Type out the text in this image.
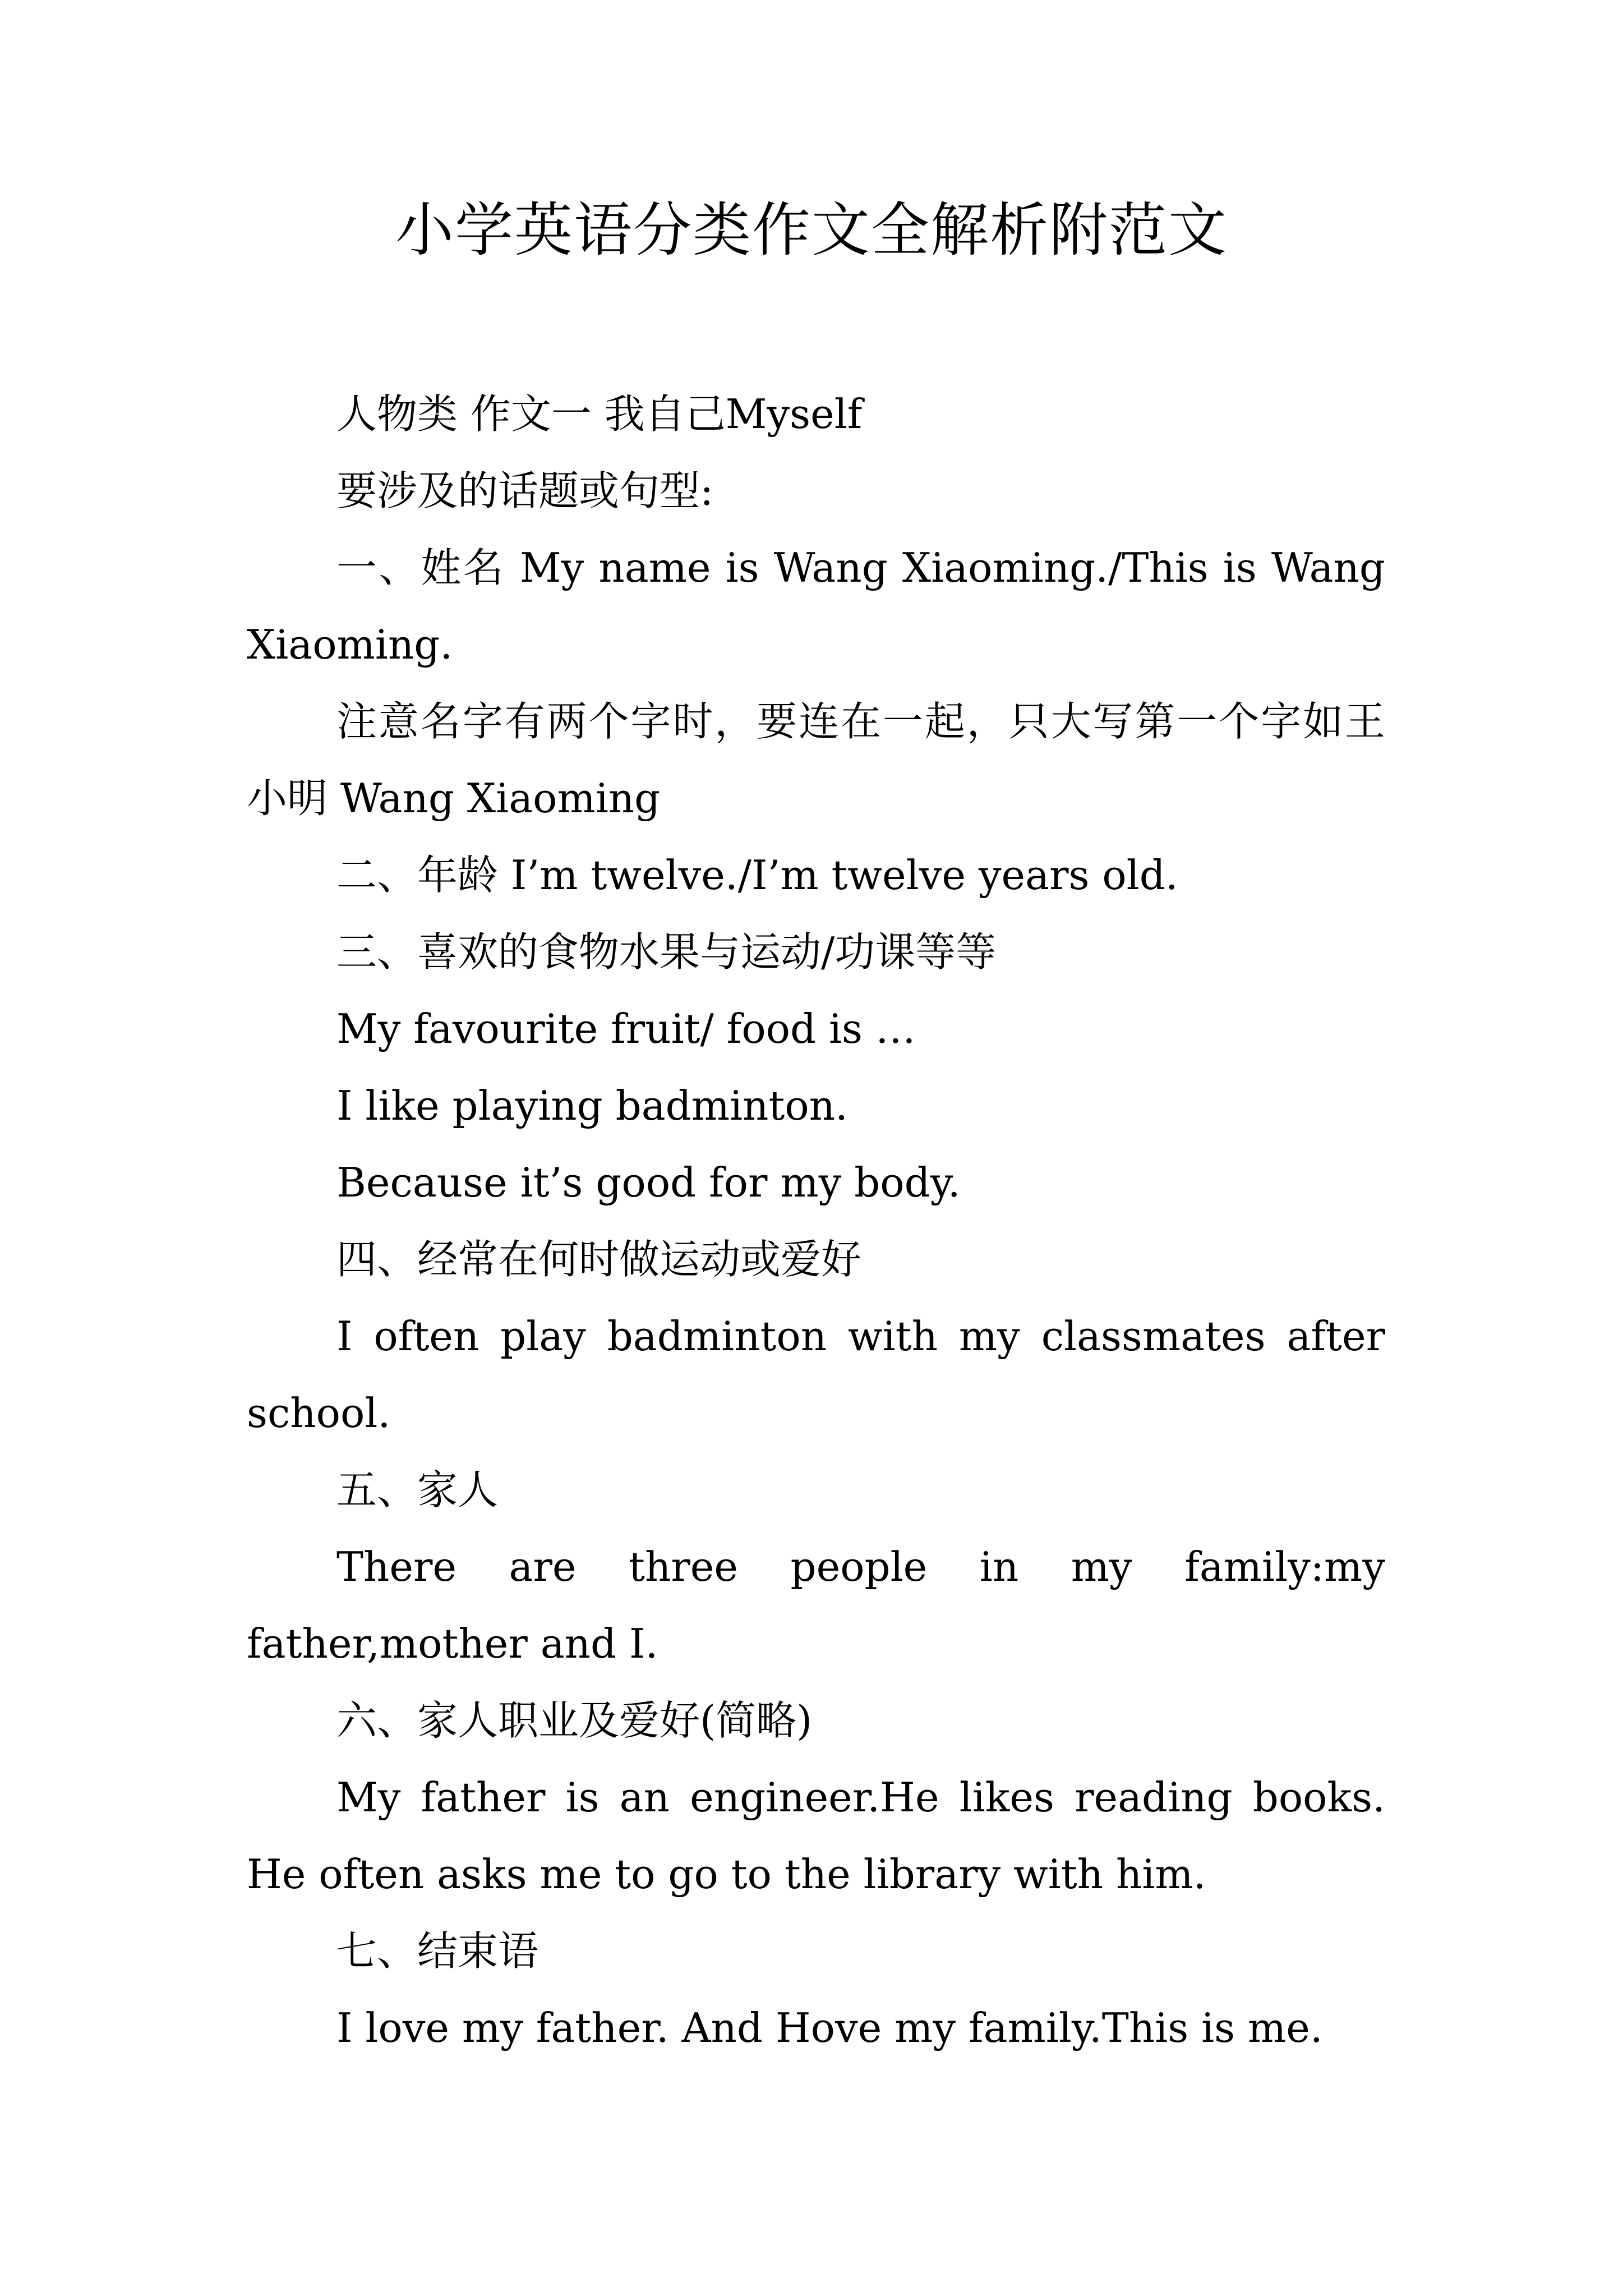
小学英语分类作文全解析附范文

人物类 作文一 我自己Myself

要涉及的话题或句型:

一、姓名 My name is Wang Xiaoming./This is Wang Xiaoming.

注意名字有两个字时，要连在一起，只大写第一个字如王小明 Wang Xiaoming

二、年龄 I’m twelve./I’m twelve years old.

三、喜欢的食物水果与运动/功课等等

My favourite fruit/ food is …

I like playing badminton.

Because it’s good for my body.

四、经常在何时做运动或爱好

I often play badminton with my classmates after school.

五、家人

There are three people in my family:my father,mother and I.

六、家人职业及爱好(简略)

My father is an engineer.He likes reading books. He often asks me to go to the library with him.

七、结束语

I love my father. And Hove my family.This is me.
